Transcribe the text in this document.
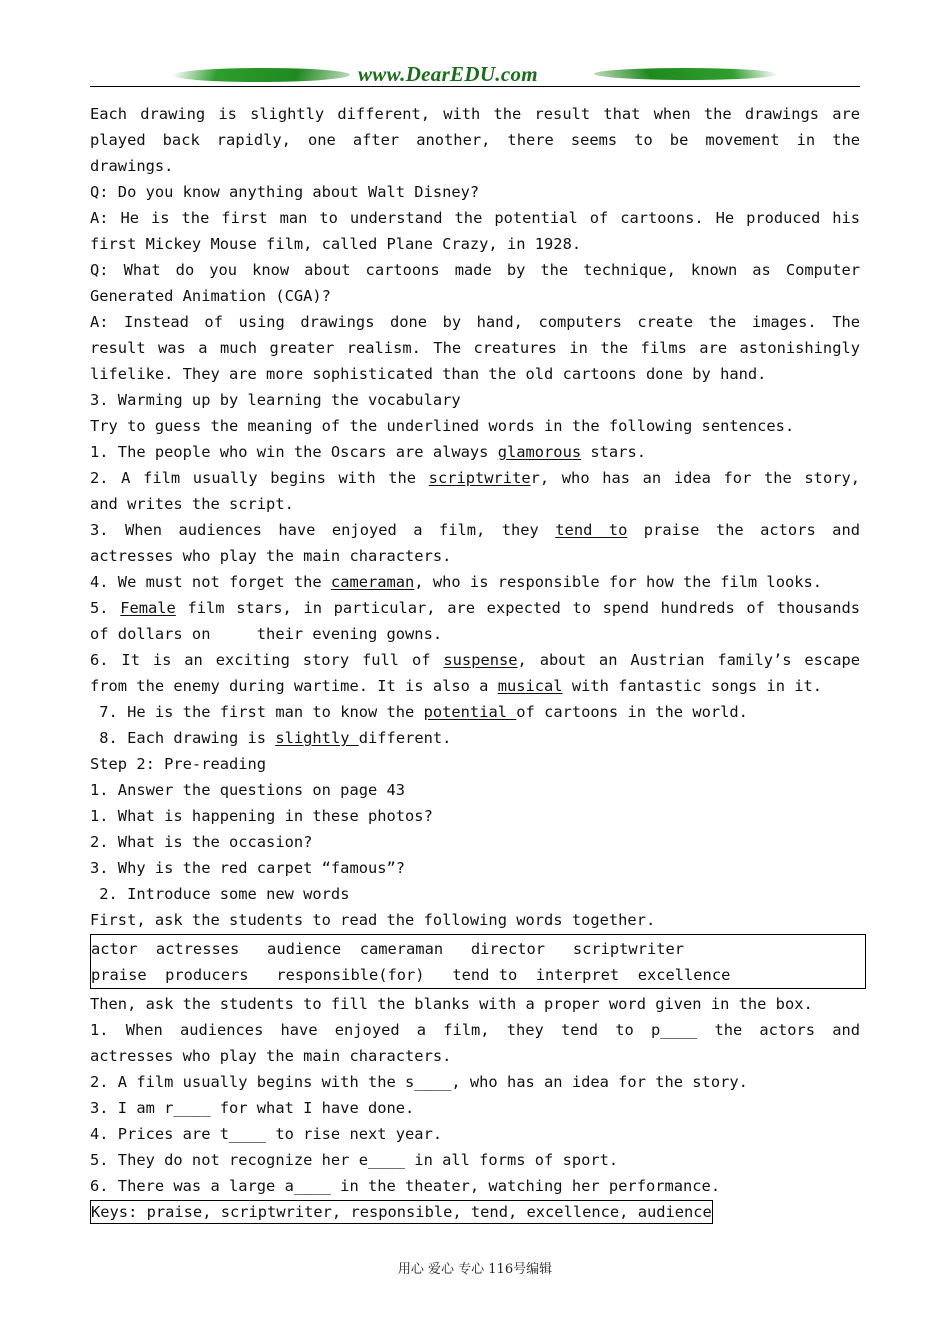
www.DearEDU.com

Each drawing is slightly different, with the result that when the drawings are

played back rapidly, one after another, there seems to be movement in the

drawings.

Q: Do you know anything about Walt Disney?

A: He is the first man to understand the potential of cartoons. He produced his

first Mickey Mouse film, called Plane Crazy, in 1928.

Q: What do you know about cartoons made by the technique, known as Computer

Generated Animation (CGA)?

A: Instead of using drawings done by hand, computers create the images. The

result was a much greater realism. The creatures in the films are astonishingly

lifelike. They are more sophisticated than the old cartoons done by hand.

3. Warming up by learning the vocabulary

Try to guess the meaning of the underlined words in the following sentences.

1. The people who win the Oscars are always glamorous stars.

2. A film usually begins with the scriptwriter, who has an idea for the story,

and writes the script.

3. When audiences have enjoyed a film, they tend to praise the actors and

actresses who play the main characters.

4. We must not forget the cameraman, who is responsible for how the film looks.

5. Female film stars, in particular, are expected to spend hundreds of thousands

of dollars on     their evening gowns.

6. It is an exciting story full of suspense, about an Austrian family’s escape

from the enemy during wartime. It is also a musical with fantastic songs in it.

7. He is the first man to know the potential of cartoons in the world.

8. Each drawing is slightly different.

Step 2: Pre-reading

1. Answer the questions on page 43

1. What is happening in these photos?

2. What is the occasion?

3. Why is the red carpet “famous”?

2. Introduce some new words

First, ask the students to read the following words together.

actor  actresses   audience  cameraman   director   scriptwriter

praise  producers   responsible(for)   tend to  interpret  excellence

Then, ask the students to fill the blanks with a proper word given in the box.

1. When audiences have enjoyed a film, they tend to p____ the actors and

actresses who play the main characters.

2. A film usually begins with the s____, who has an idea for the story.

3. I am r____ for what I have done.

4. Prices are t____ to rise next year.

5. They do not recognize her e____ in all forms of sport.

6. There was a large a____ in the theater, watching her performance.

Keys: praise, scriptwriter, responsible, tend, excellence, audience
用心 爱心 专心 116号编辑
